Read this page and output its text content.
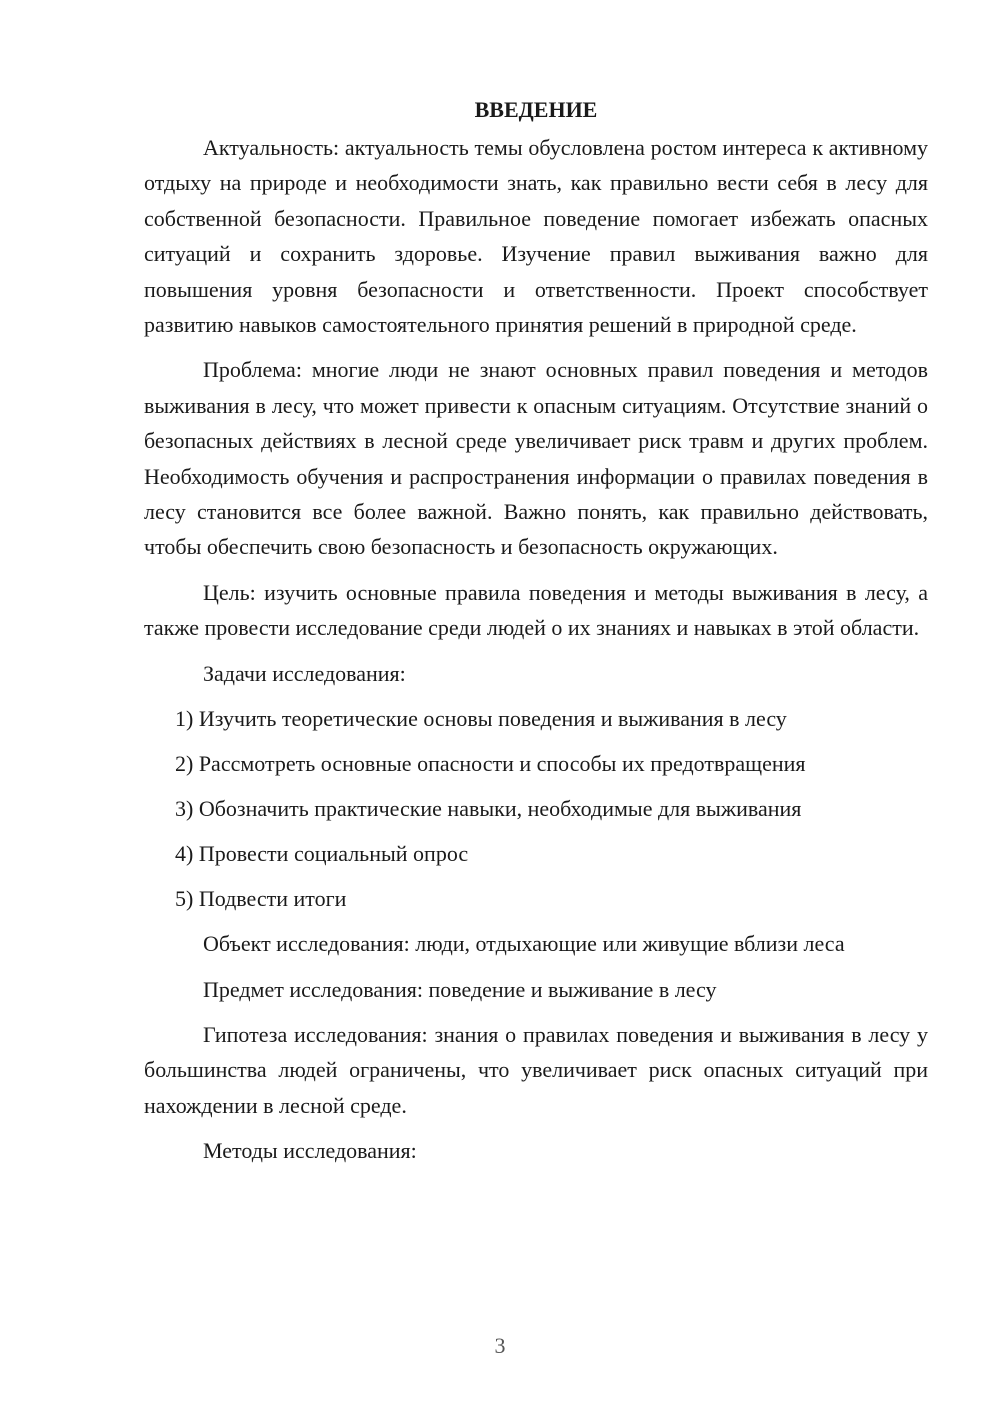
ВВЕДЕНИЕ

Актуальность: актуальность темы обусловлена ростом интереса к активному отдыху на природе и необходимости знать, как правильно вести себя в лесу для собственной безопасности. Правильное поведение помогает избежать опасных ситуаций и сохранить здоровье. Изучение правил выживания важно для повышения уровня безопасности и ответственности. Проект способствует развитию навыков самостоятельного принятия решений в природной среде.

Проблема: многие люди не знают основных правил поведения и методов выживания в лесу, что может привести к опасным ситуациям. Отсутствие знаний о безопасных действиях в лесной среде увеличивает риск травм и других проблем. Необходимость обучения и распространения информации о правилах поведения в лесу становится все более важной. Важно понять, как правильно действовать, чтобы обеспечить свою безопасность и безопасность окружающих.

Цель: изучить основные правила поведения и методы выживания в лесу, а также провести исследование среди людей о их знаниях и навыках в этой области.

Задачи исследования:

1) Изучить теоретические основы поведения и выживания в лесу
2) Рассмотреть основные опасности и способы их предотвращения
3) Обозначить практические навыки, необходимые для выживания
4) Провести социальный опрос
5) Подвести итоги

Объект исследования: люди, отдыхающие или живущие вблизи леса

Предмет исследования: поведение и выживание в лесу

Гипотеза исследования: знания о правилах поведения и выживания в лесу у большинства людей ограничены, что увеличивает риск опасных ситуаций при нахождении в лесной среде.

Методы исследования:

3
